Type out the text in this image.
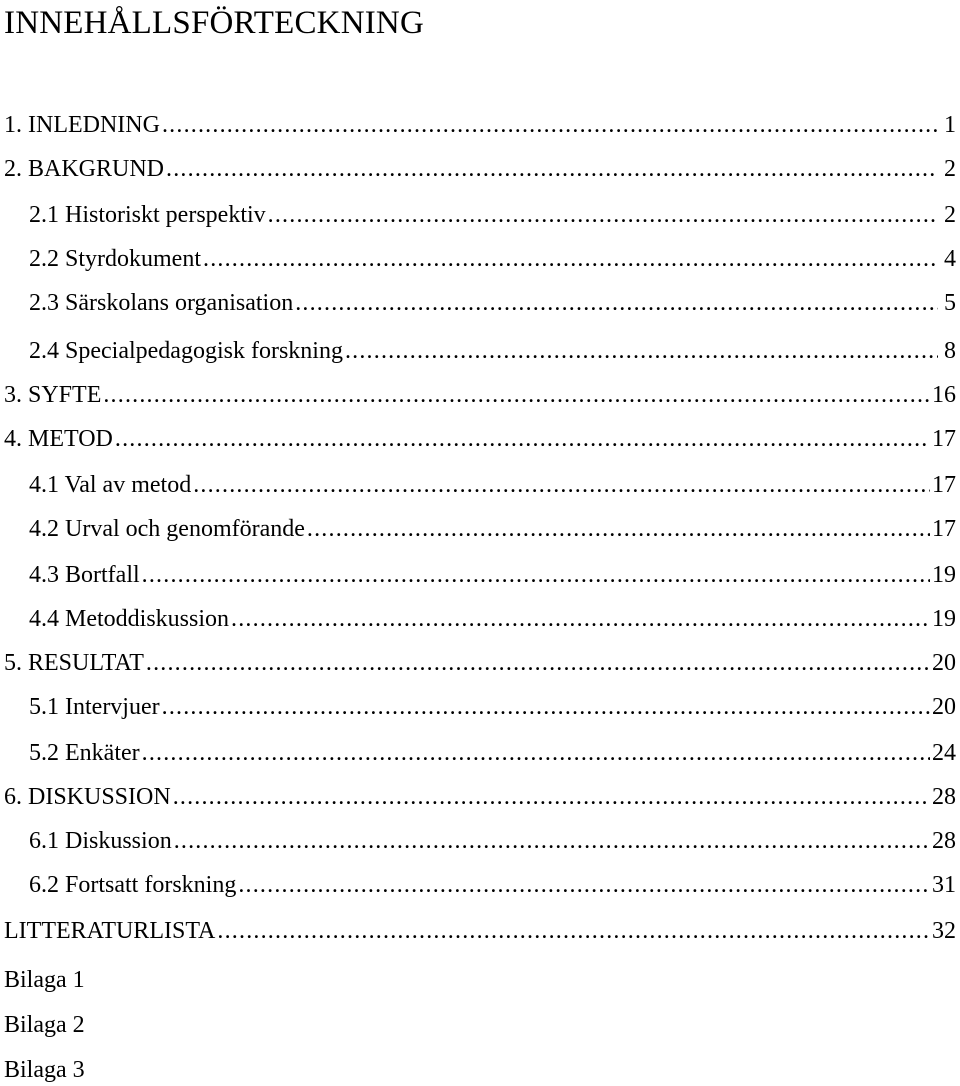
INNEHÅLLSFÖRTECKNING
1. INLEDNING .....	1
2. BAKGRUND .....	2
2.1 Historiskt perspektiv .....	2
2.2 Styrdokument .....	4
2.3 Särskolans organisation .....	5
2.4 Specialpedagogisk forskning .....	8
3. SYFTE .....	16
4. METOD .....	17
4.1 Val av metod .....	17
4.2 Urval och genomförande .....	17
4.3 Bortfall .....	19
4.4 Metoddiskussion .....	19
5. RESULTAT .....	20
5.1 Intervjuer .....	20
5.2 Enkäter .....	24
6. DISKUSSION .....	28
6.1 Diskussion .....	28
6.2 Fortsatt forskning .....	31
LITTERATURLISTA .....	32
Bilaga 1
Bilaga 2
Bilaga 3
